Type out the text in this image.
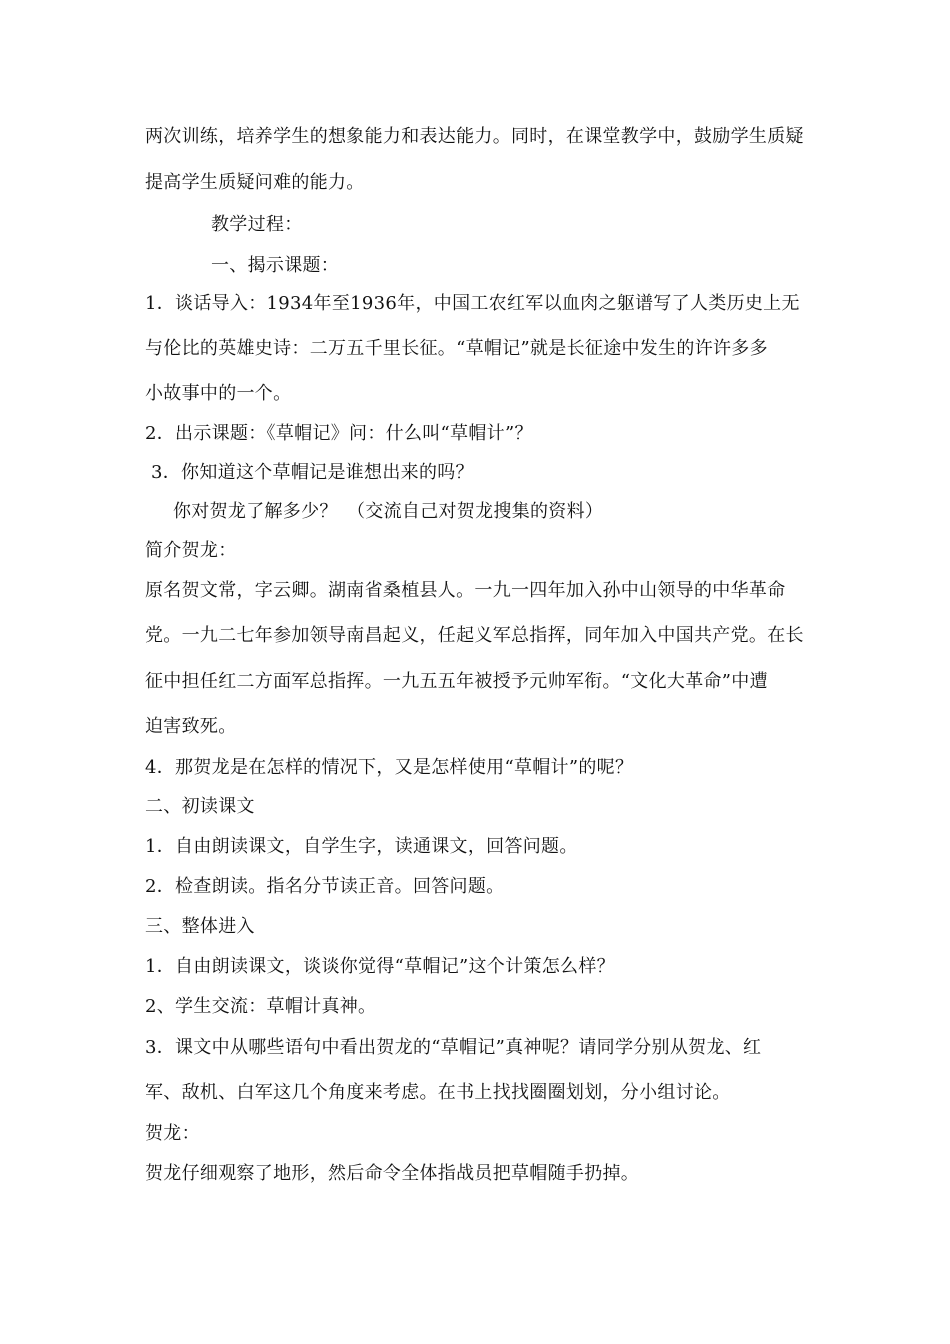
两次训练，培养学生的想象能力和表达能力。同时，在课堂教学中，鼓励学生质疑
提高学生质疑问难的能力。
教学过程：
一、揭示课题：
1．谈话导入：1934年至1936年，中国工农红军以血肉之躯谱写了人类历史上无
与伦比的英雄史诗：二万五千里长征。“草帽记”就是长征途中发生的许许多多
小故事中的一个。
2．出示课题：《草帽记》问：什么叫“草帽计”？
3．你知道这个草帽记是谁想出来的吗？
你对贺龙了解多少？　（交流自己对贺龙搜集的资料）
简介贺龙：
原名贺文常，字云卿。湖南省桑植县人。一九一四年加入孙中山领导的中华革命
党。一九二七年参加领导南昌起义，任起义军总指挥，同年加入中国共产党。在长
征中担任红二方面军总指挥。一九五五年被授予元帅军衔。“文化大革命”中遭
迫害致死。
4．那贺龙是在怎样的情况下，又是怎样使用“草帽计”的呢？
二、初读课文
1．自由朗读课文，自学生字，读通课文，回答问题。
2．检查朗读。指名分节读正音。回答问题。
三、整体进入
1．自由朗读课文，谈谈你觉得“草帽记”这个计策怎么样？
2、学生交流：草帽计真神。
3．课文中从哪些语句中看出贺龙的“草帽记”真神呢？请同学分别从贺龙、红
军、敌机、白军这几个角度来考虑。在书上找找圈圈划划，分小组讨论。
贺龙：
贺龙仔细观察了地形，然后命令全体指战员把草帽随手扔掉。
